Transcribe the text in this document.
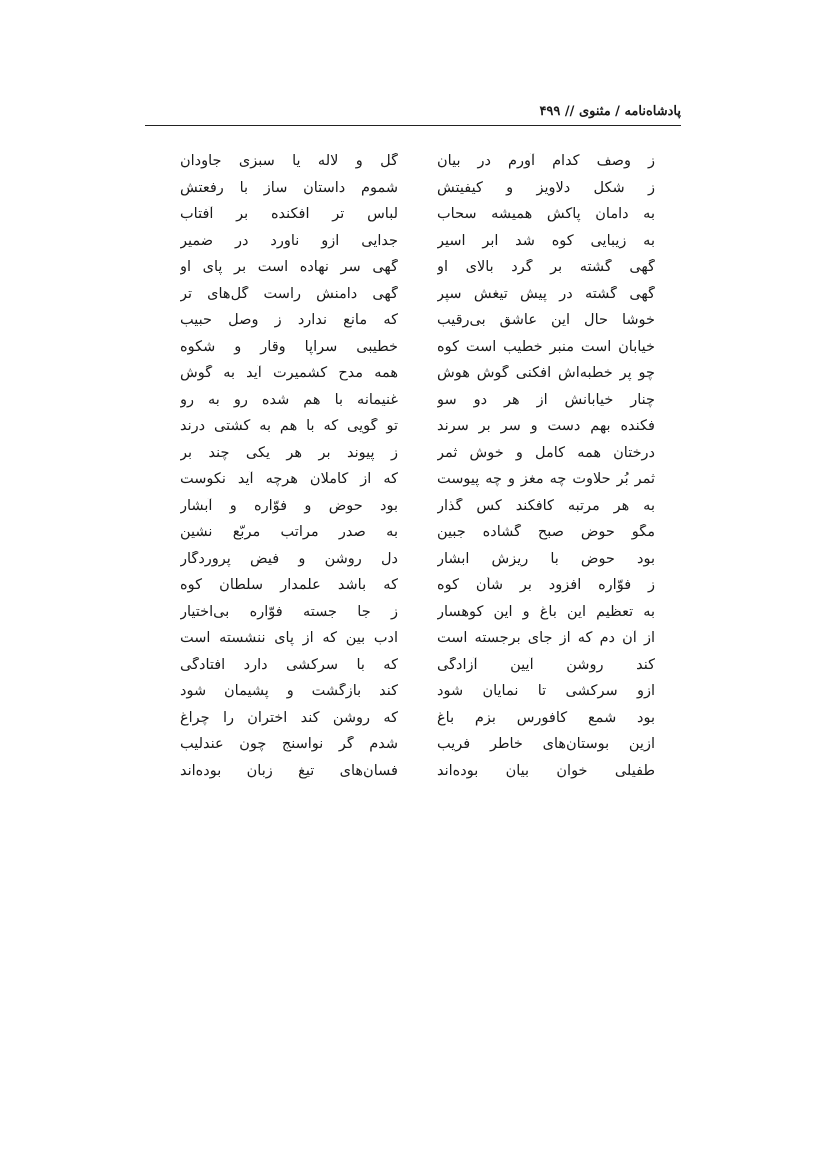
پادشاه‌نامه / مثنوی // ۴۹۹
ز وصف کدام آورم در بیان
گل و لاله یا سبزی جاودان
ز شکل دلاویز و کیفیتش
شموم داستان ساز با رفعتش
به دامان پاکش همیشه سحاب
لباس تر افکنده بر آفتاب
به زیبایی کوه شد ابر اسیر
جدایی ازو ناورد در ضمیر
گهی گشته بر گرد بالای او
گهی سر نهاده است بر پای او
گهی گشته در پیش تیغش سپر
گهی دامنش راست گل‌های تر
خوشا حال این عاشق بی‌رقیب
که مانع ندارد ز وصل حبیب
خیابان است منبر خطیب است کوه
خطیبی سراپا وقار و شکوه
چو پر خطبه‌اش افکنی گوش هوش
همه مدح کشمیرت آید به گوش
چنار خیابانش از هر دو سو
غنیمانه با هم شده رو به رو
فکنده بهم دست و سر بر سرند
تو گویی که با هم به کشتی درند
درختان همه کامل و خوش ثمر
ز پیوند بر هر یکی چند بر
ثمر بُر حلاوت چه مغز و چه پیوست
که از کاملان هرچه آید نکوست
به هر مرتبه کافکند کس گذار
بود حوض و فوّاره و آبشار
مگو حوض صبح گشاده جبین
به صدر مراتب مربّع نشین
بود حوض با ریزش ابشار
دل روشن و فیض پروردگار
ز فوّاره افزود بر شأن کوه
که باشد علمدار سلطان کوه
به تعظیم این باغ و این کوهسار
ز جا جسته فوّاره بی‌اختیار
از آن دم که از جای برجسته است
ادب بین که از پای ننشسته است
کند روشن آیین آزادگی
که با سرکشی دارد افتادگی
ازو سرکشی تا نمایان شود
کند بازگشت و پشیمان شود
بود شمع کافورس بزم باغ
که روشن کند اختران را چراغ
ازین بوستان‌های خاطر فریب
شدم گر نواسنج چون عندلیب
طفیلی خوان بیان بوده‌اند
فسان‌های تیغ زبان بوده‌اند
